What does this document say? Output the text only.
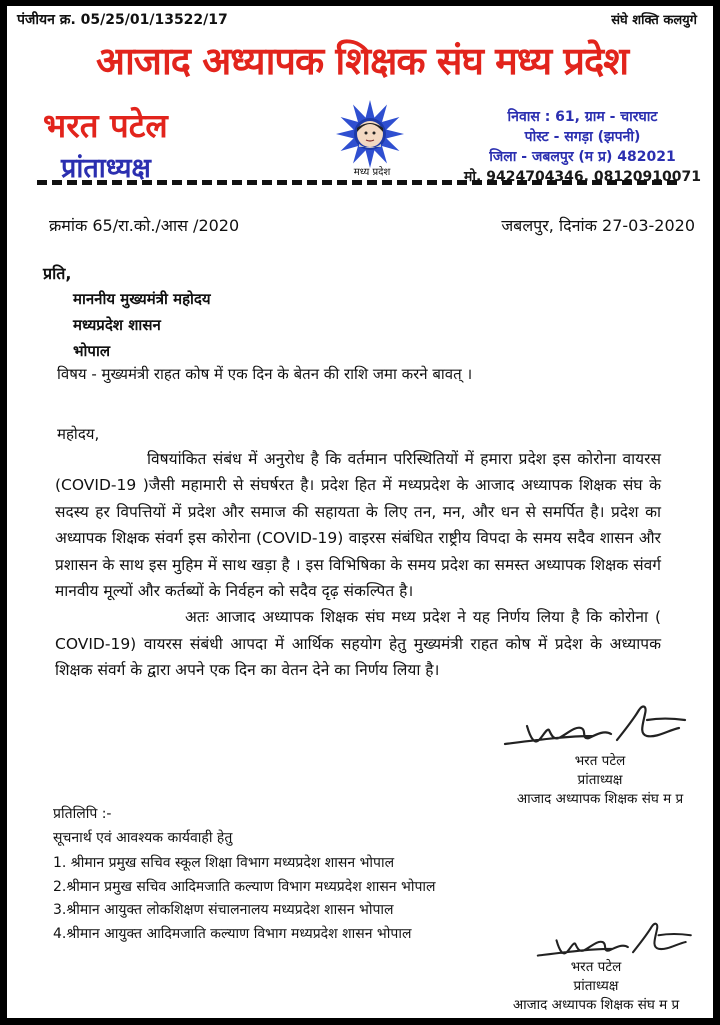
पंजीयन क्र. 05/25/01/13522/17	संघे शक्ति कलयुगे
आजाद अध्यापक शिक्षक संघ मध्य प्रदेश
भरत पटेल
प्रांताध्यक्ष	मध्य प्रदेश
निवास : 61, ग्राम - चारघाट
पोस्ट - सगड़ा (झपनी)
जिला - जबलपुर (म प्र) 482021
मो. 9424704346, 08120910071
क्रमांक 65/रा.को./आस /2020	जबलपुर, दिनांक 27-03-2020
प्रति,
माननीय मुख्यमंत्री महोदय
मध्यप्रदेश शासन
भोपाल
विषय - मुख्यमंत्री राहत कोष में एक दिन के बेतन की राशि जमा करने बावत् ।
महोदय,

विषयांकित संबंध में अनुरोध है कि वर्तमान परिस्थितियों में हमारा प्रदेश इस कोरोना वायरस (COVID-19 )जैसी महामारी से संघर्षरत है। प्रदेश हित में मध्यप्रदेश के आजाद अध्यापक शिक्षक संघ के सदस्य हर विपत्तियों में प्रदेश और समाज की सहायता के लिए तन, मन, और धन से समर्पित है। प्रदेश का अध्यापक शिक्षक संवर्ग इस कोरोना (COVID-19) वाइरस संबंधित राष्ट्रीय विपदा के समय सदैव शासन और प्रशासन के साथ इस मुहिम में साथ खड़ा है । इस विभिषिका के समय प्रदेश का समस्त अध्यापक शिक्षक संवर्ग मानवीय मूल्यों और कर्तब्यों के निर्वहन को सदैव दृढ़ संकल्पित है।

अतः आजाद अध्यापक शिक्षक संघ मध्य प्रदेश ने यह निर्णय लिया है कि कोरोना ( COVID-19) वायरस संबंधी आपदा में आर्थिक सहयोग हेतु मुख्यमंत्री राहत कोष में प्रदेश के अध्यापक शिक्षक संवर्ग के द्वारा अपने एक दिन का वेतन देने का निर्णय लिया है।

भरत पटेल
प्रांताध्यक्ष
आजाद अध्यापक शिक्षक संघ म प्र
प्रतिलिपि :-
सूचनार्थ एवं आवश्यक कार्यवाही हेतु
1. श्रीमान प्रमुख सचिव स्कूल शिक्षा विभाग मध्यप्रदेश शासन भोपाल
2.श्रीमान प्रमुख सचिव आदिमजाति कल्याण विभाग मध्यप्रदेश शासन भोपाल
3.श्रीमान आयुक्त लोकशिक्षण संचालनालय मध्यप्रदेश शासन भोपाल
4.श्रीमान आयुक्त आदिमजाति कल्याण विभाग मध्यप्रदेश शासन भोपाल
भरत पटेल
प्रांताध्यक्ष
आजाद अध्यापक शिक्षक संघ म प्र
